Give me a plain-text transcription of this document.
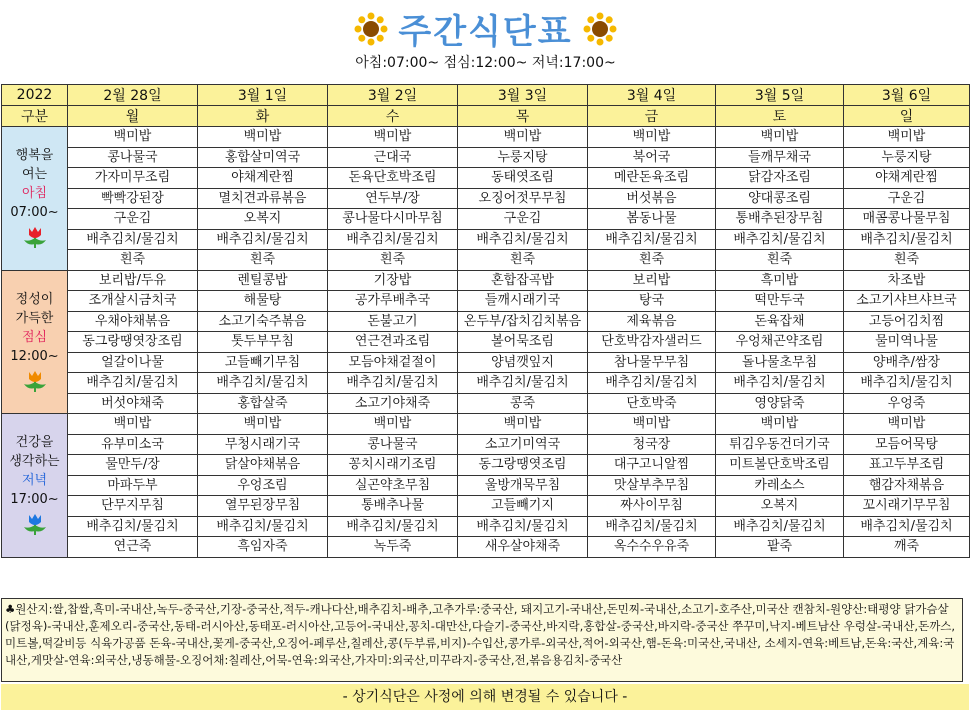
주간식단표
아침:07:00~ 점심:12:00~ 저녁:17:00~
2022	2월 28일	3월 1일	3월 2일	3월 3일	3월 4일	3월 5일	3월 6일
구분	월	화	수	목	금	토	일

행복을
여는
아침
07:00~	백미밥	백미밥	백미밥	백미밥	백미밥	백미밥	백미밥
	콩나물국	홍합살미역국	근대국	누룽지탕	북어국	들깨무채국	누룽지탕
	가자미무조림	야채계란찜	돈육단호박조림	동태엿조림	메란돈육조림	닭감자조림	야채계란찜
	빡빡강된장	멸치견과류볶음	연두부/장	오징어젓무무침	버섯볶음	양대콩조림	구운김
	구운김	오복지	콩나물다시마무침	구운김	봄동나물	통배추된장무침	매콤콩나물무침
	배추김치/물김치	배추김치/물김치	배추김치/물김치	배추김치/물김치	배추김치/물김치	배추김치/물김치	배추김치/물김치
	흰죽	흰죽	흰죽	흰죽	흰죽	흰죽	흰죽

정성이
가득한
점심
12:00~	보리밥/두유	렌틸콩밥	기장밥	혼합잡곡밥	보리밥	흑미밥	차조밥
	조개살시금치국	해물탕	공가루배추국	들깨시래기국	탕국	떡만두국	소고기샤브샤브국
	우채야채볶음	소고기숙주볶음	돈불고기	온두부/잡치김치볶음	제육볶음	돈육잡채	고등어김치찜
	동그랑땡엿장조림	톳두부무침	연근견과조림	볼어묵조림	단호박감자샐러드	우엉채곤약조림	물미역나물
	얼갈이나물	고들빼기무침	모듬야채겉절이	양념깻잎지	참나물무무침	돌나물초무침	양배추/쌈장
	배추김치/물김치	배추김치/물김치	배추김치/물김치	배추김치/물김치	배추김치/물김치	배추김치/물김치	배추김치/물김치
	버섯야채죽	홍합살죽	소고기야채죽	콩죽	단호박죽	영양닭죽	우엉죽

건강을
생각하는
저녁
17:00~	백미밥	백미밥	백미밥	백미밥	백미밥	백미밥	백미밥
	유부미소국	무청시래기국	콩나물국	소고기미역국	청국장	튀김우동건더기국	모듬어묵탕
	물만두/장	닭살야채볶음	꽁치시래기조림	동그랑땡엿조림	대구고니알찜	미트볼단호박조림	표고두부조림
	마파두부	우엉조림	실곤약초무침	울방개묵무침	맛살부추무침	카레소스	햄감자채볶음
	단무지무침	열무된장무침	통배추나물	고들빼기지	짜사이무침	오복지	꼬시래기무무침
	배추김치/물김치	배추김치/물김치	배추김치/물김치	배추김치/물김치	배추김치/물김치	배추김치/물김치	배추김치/물김치
	연근죽	흑임자죽	녹두죽	새우살야채죽	옥수수우유죽	팥죽	깨죽
♣원산지:쌀,찹쌀,흑미-국내산,녹두-중국산,기장-중국산,적두-캐나다산,배추김치-배추,고추가루:중국산, 돼지고기-국내산,돈민찌-국내산,소고기-호주산,미국산 캔참치-원양산:태평양 닭가슴살(닭정육)-국내산,훈제오리-중국산,동태-러시아산,동태포-러시아산,고등어-국내산,꽁치-대만산,다슬기-중국산,바지락,홍합살-중국산,바지락-중국산 쭈꾸미,낙지-베트남산 우렁살-국내산,돈까스,미트볼,떡갈비등 식육가공품 돈육-국내산,꽃게-중국산,오징어-페루산,칠레산,콩(두부류,비지)-수입산,콩가루-외국산,적어-외국산,햄-돈육:미국산,국내산, 소세지-연육:베트남,돈육:국산,계육:국내산,게맛살-연육:외국산,냉동해물-오징어채:칠레산,어묵-연육:외국산,가자미:외국산,미꾸라지-중국산,전,볶음용김치-중국산
- 상기식단은 사정에 의해 변경될 수 있습니다 -
